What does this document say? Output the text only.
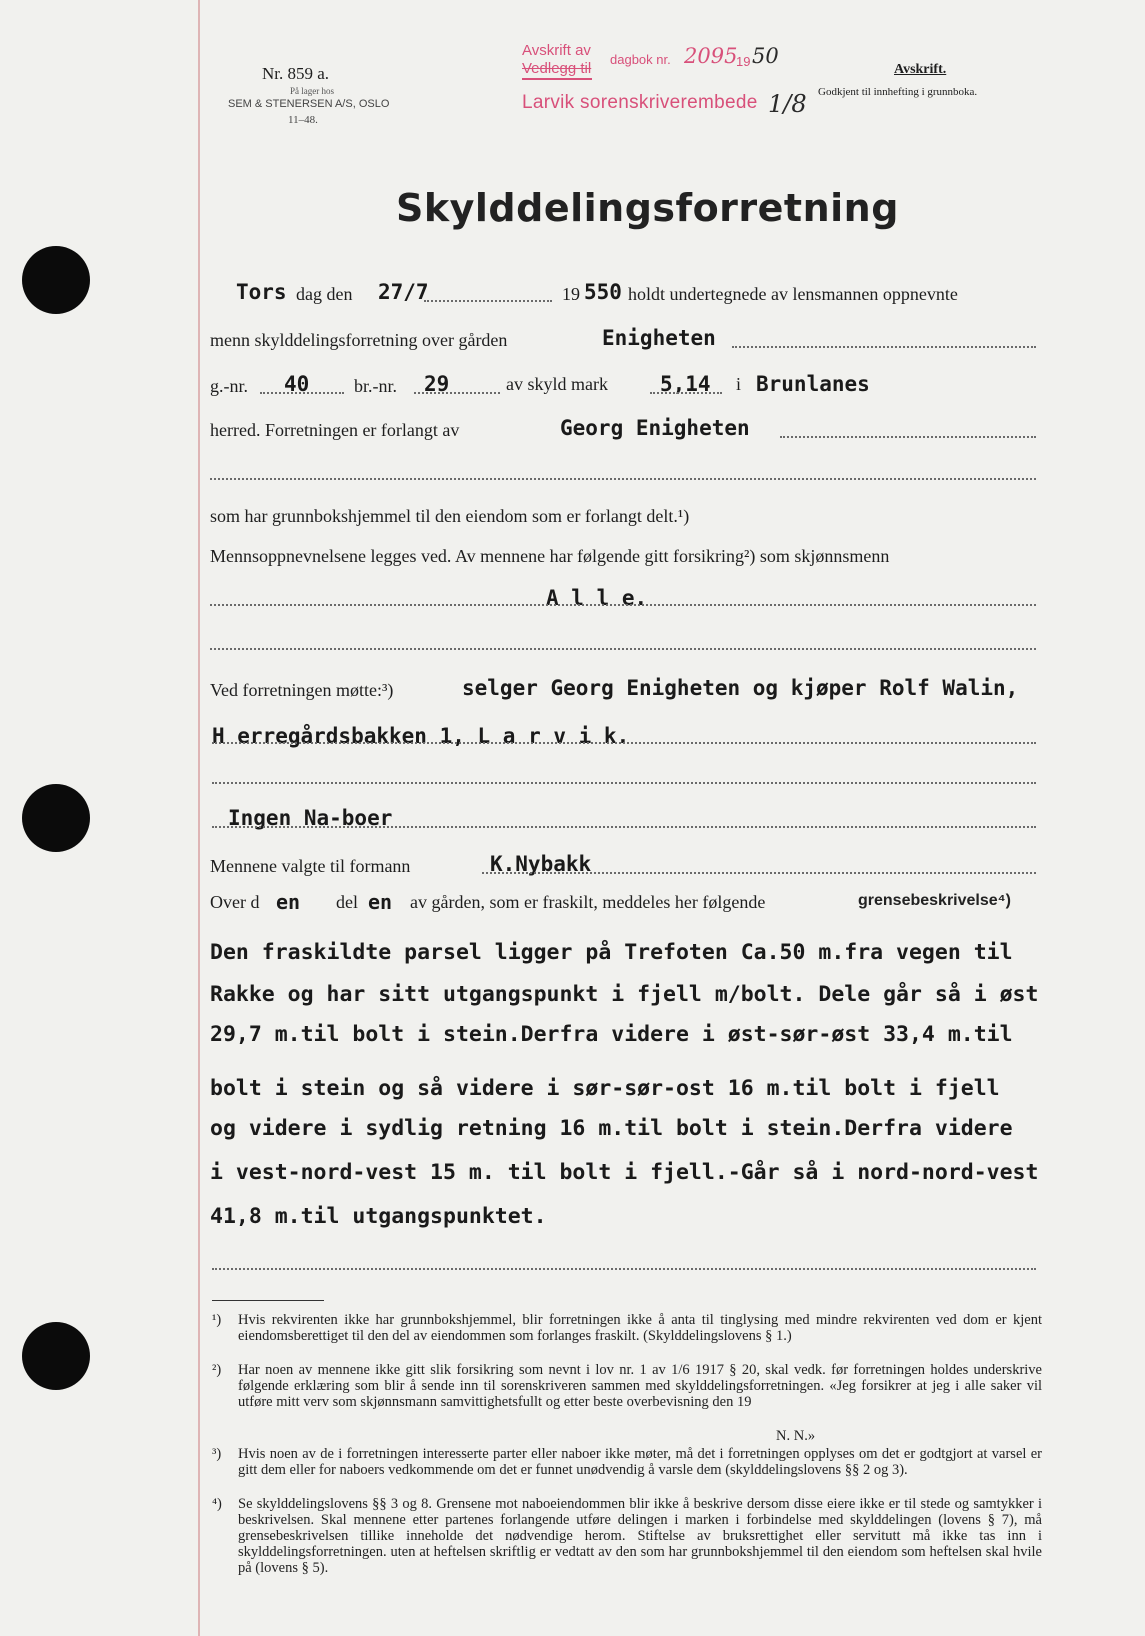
Nr. 859 a.
På lager hos
SEM & STENERSEN A/S, OSLO
11–48.
Avskrift av
Vedlegg til
dagbok nr. 2095
19 50
Larvik sorenskriverembede 1/8
Avskrift.
Godkjent til innhefting i grunnboka.
Skylddelingsforretning
Tors dag den 27/7	19 550 holdt undertegnede av lensmannen oppnevnte
menn skylddelingsforretning over gården	Enigheten
g.-nr. 40 br.-nr. 29	av skyld mark 5,14 i Brunlanes
herred. Forretningen er forlangt av	Georg Enigheten
som har grunnbokshjemmel til den eiendom som er forlangt delt.¹)
Mennsoppnevnelsene legges ved. Av mennene har følgende gitt forsikring²) som skjønnsmenn
A l l e.
Ved forretningen møtte:³)	selger Georg Enigheten og kjøper Rolf Walin,
H erregårdsbakken 1, L a r v i k.
Ingen Na-boer
Mennene valgte til formann	K.Nybakk
Over d en del en av gården, som er fraskilt, meddeles her følgende	grensebeskrivelse⁴)
Den fraskildte parsel ligger på Trefoten Ca.50 m.fra vegen til
Rakke og har sitt utgangspunkt i fjell m/bolt. Dele går så i øst
29,7 m.til bolt i stein.Derfra videre i øst-sør-øst 33,4 m.til
bolt i stein og så videre i sør-sør-ost 16 m.til bolt i fjell
og videre i sydlig retning 16 m.til bolt i stein.Derfra videre
i vest-nord-vest 15 m. til bolt i fjell.-Går så i nord-nord-vest
41,8 m.til utgangspunktet.
¹) Hvis rekvirenten ikke har grunnbokshjemmel, blir forretningen ikke å anta til tinglysing med mindre rekvirenten ved dom er kjent eiendomsberettiget til den del av eiendommen som forlanges fraskilt. (Skylddelingslovens § 1.)
²) Har noen av mennene ikke gitt slik forsikring som nevnt i lov nr. 1 av 1/6 1917 § 20, skal vedk. før forretningen holdes underskrive følgende erklæring som blir å sende inn til sorenskriveren sammen med skylddelingsforretningen. «Jeg forsikrer at jeg i alle saker vil utføre mitt verv som skjønnsmann samvittighetsfullt og etter beste overbevisning den 19
N. N.»
³) Hvis noen av de i forretningen interesserte parter eller naboer ikke møter, må det i forretningen opplyses om det er godtgjort at varsel er gitt dem eller for naboers vedkommende om det er funnet unødvendig å varsle dem (skylddelingslovens §§ 2 og 3).
⁴) Se skylddelingslovens §§ 3 og 8. Grensene mot naboeiendommen blir ikke å beskrive dersom disse eiere ikke er til stede og samtykker i beskrivelsen. Skal mennene etter partenes forlangende utføre delingen i marken i forbindelse med skylddelingen (lovens § 7), må grensebeskrivelsen tillike inneholde det nødvendige herom. Stiftelse av bruksrettighet eller servitutt må ikke tas inn i skylddelingsforretningen. uten at heftelsen skriftlig er vedtatt av den som har grunnbokshjemmel til den eiendom som heftelsen skal hvile på (lovens § 5).
